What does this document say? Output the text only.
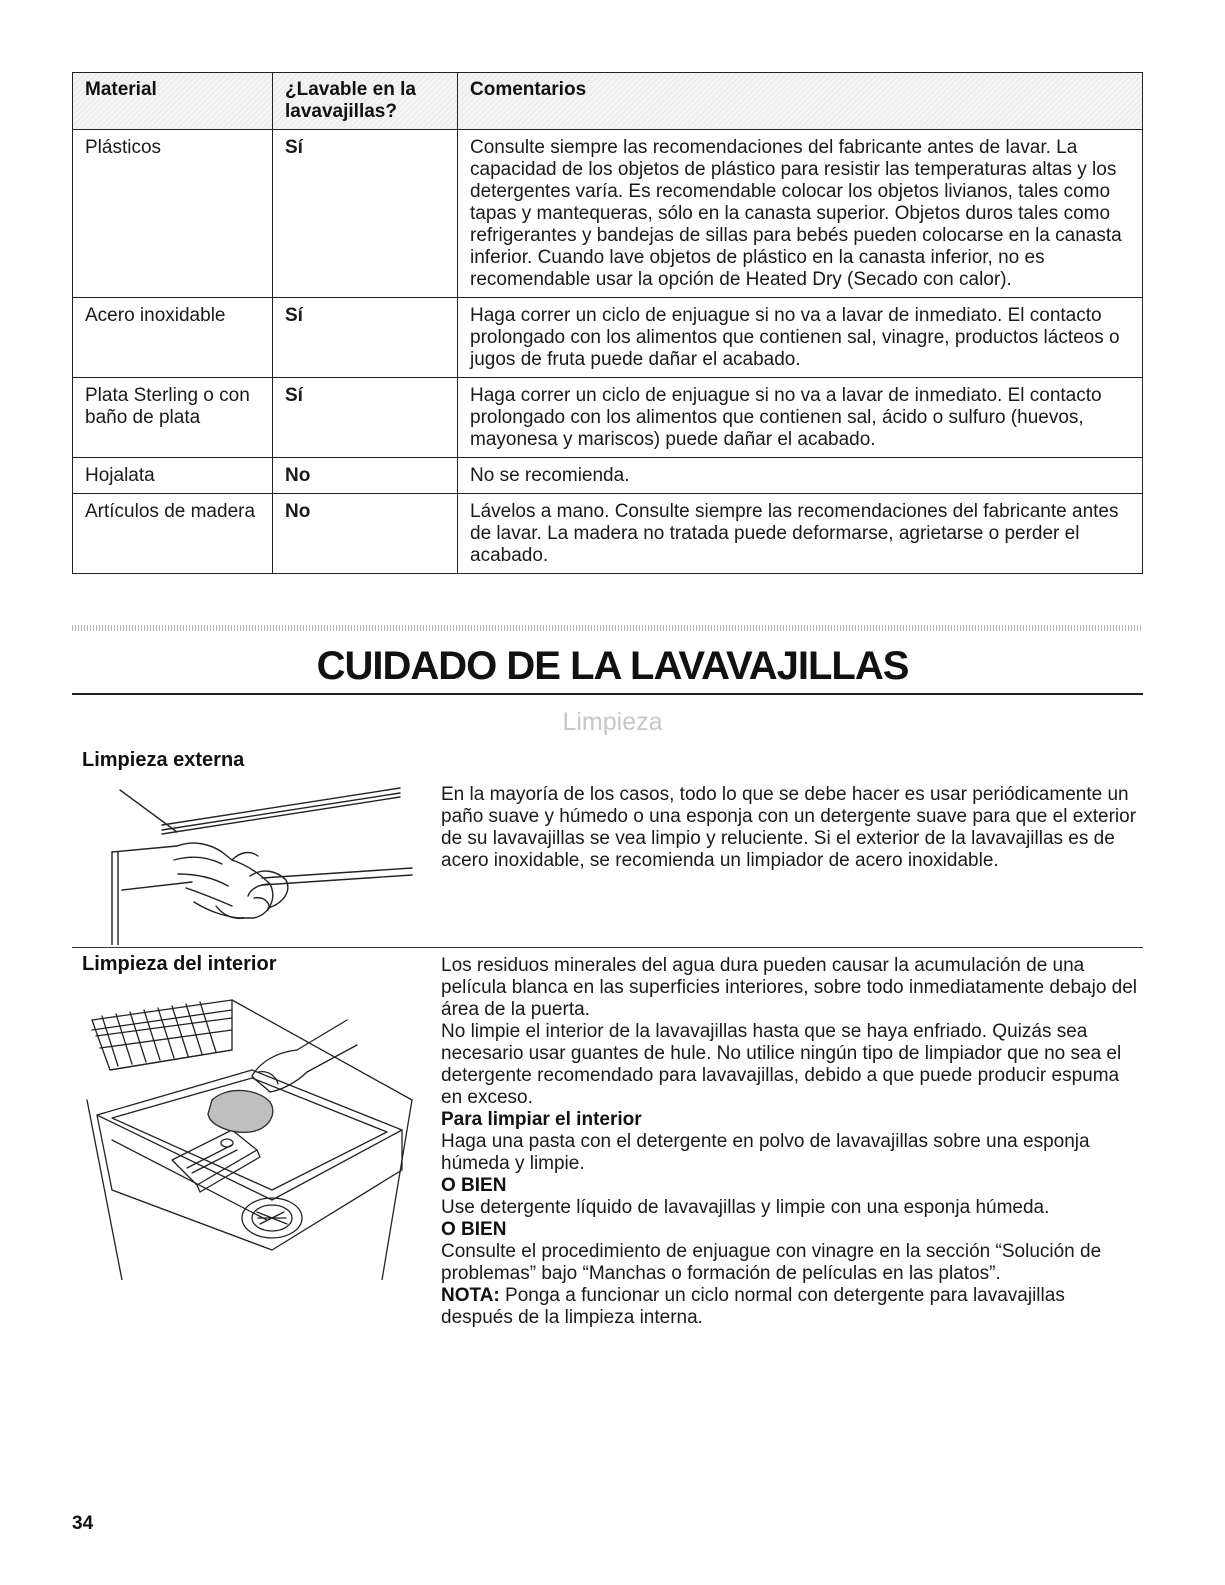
Material	¿Lavable en la lavavajillas?	Comentarios
Plásticos	Sí	Consulte siempre las recomendaciones del fabricante antes de lavar. La capacidad de los objetos de plástico para resistir las temperaturas altas y los detergentes varía. Es recomendable colocar los objetos livianos, tales como tapas y mantequeras, sólo en la canasta superior. Objetos duros tales como refrigerantes y bandejas de sillas para bebés pueden colocarse en la canasta inferior. Cuando lave objetos de plástico en la canasta inferior, no es recomendable usar la opción de Heated Dry (Secado con calor).
Acero inoxidable	Sí	Haga correr un ciclo de enjuague si no va a lavar de inmediato. El contacto prolongado con los alimentos que contienen sal, vinagre, productos lácteos o jugos de fruta puede dañar el acabado.
Plata Sterling o con baño de plata	Sí	Haga correr un ciclo de enjuague si no va a lavar de inmediato. El contacto prolongado con los alimentos que contienen sal, ácido o sulfuro (huevos, mayonesa y mariscos) puede dañar el acabado.
Hojalata	No	No se recomienda.
Artículos de madera	No	Lávelos a mano. Consulte siempre las recomendaciones del fabricante antes de lavar. La madera no tratada puede deformarse, agrietarse o perder el acabado.
CUIDADO DE LA LAVAVAJILLAS
Limpieza
Limpieza externa
En la mayoría de los casos, todo lo que se debe hacer es usar periódicamente un paño suave y húmedo o una esponja con un detergente suave para que el exterior de su lavavajillas se vea limpio y reluciente. Si el exterior de la lavavajillas es de acero inoxidable, se recomienda un limpiador de acero inoxidable.
Limpieza del interior	Los residuos minerales del agua dura pueden causar la acumulación de una película blanca en las superficies interiores, sobre todo inmediatamente debajo del área de la puerta.

No limpie el interior de la lavavajillas hasta que se haya enfriado. Quizás sea necesario usar guantes de hule. No utilice ningún tipo de limpiador que no sea el detergente recomendado para lavavajillas, debido a que puede producir espuma en exceso.

Para limpiar el interior

Haga una pasta con el detergente en polvo de lavavajillas sobre una esponja húmeda y limpie.

O BIEN

Use detergente líquido de lavavajillas y limpie con una esponja húmeda.

O BIEN

Consulte el procedimiento de enjuague con vinagre en la sección “Solución de problemas” bajo “Manchas o formación de películas en las platos”.

NOTA: Ponga a funcionar un ciclo normal con detergente para lavavajillas después de la limpieza interna.

34
